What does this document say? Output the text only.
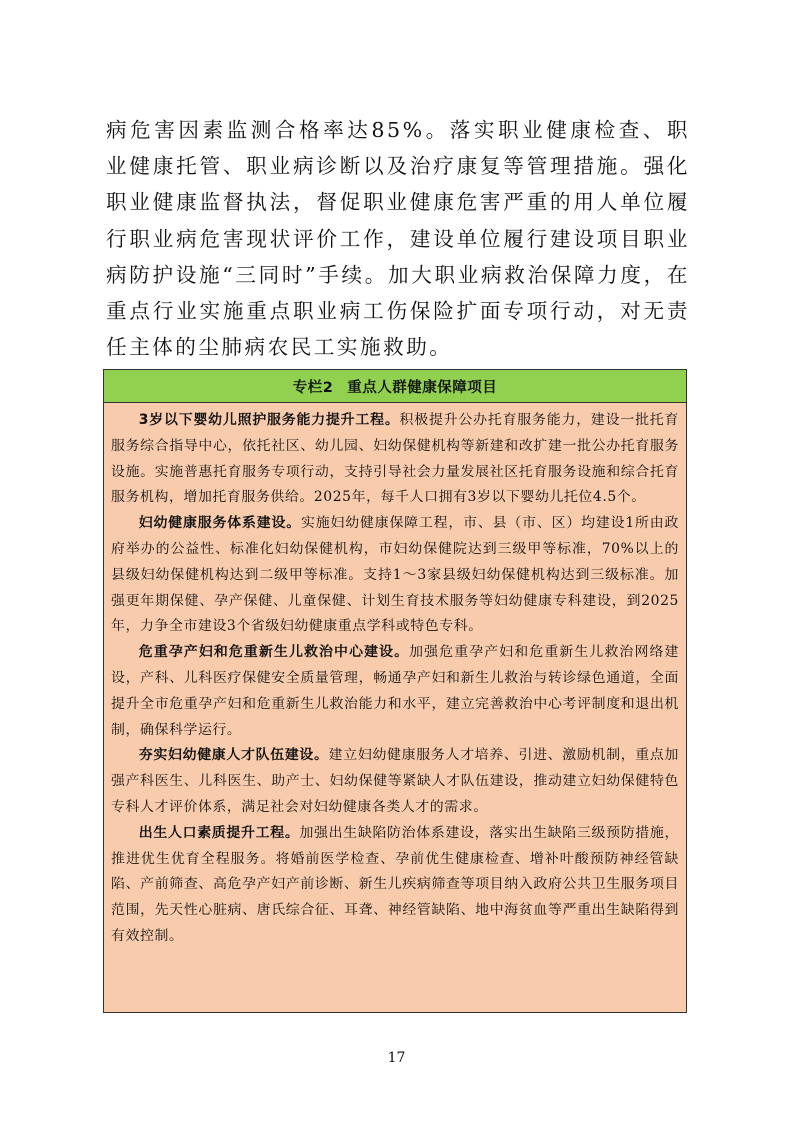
病危害因素监测合格率达85%。落实职业健康检查、职业健康托管、职业病诊断以及治疗康复等管理措施。强化职业健康监督执法，督促职业健康危害严重的用人单位履行职业病危害现状评价工作，建设单位履行建设项目职业病防护设施“三同时”手续。加大职业病救治保障力度，在重点行业实施重点职业病工伤保险扩面专项行动，对无责任主体的尘肺病农民工实施救助。

专栏2 重点人群健康保障项目

3岁以下婴幼儿照护服务能力提升工程。积极提升公办托育服务能力，建设一批托育服务综合指导中心，依托社区、幼儿园、妇幼保健机构等新建和改扩建一批公办托育服务设施。实施普惠托育服务专项行动，支持引导社会力量发展社区托育服务设施和综合托育服务机构，增加托育服务供给。2025年，每千人口拥有3岁以下婴幼儿托位4.5个。

妇幼健康服务体系建设。实施妇幼健康保障工程，市、县（市、区）均建设1所由政府举办的公益性、标准化妇幼保健机构，市妇幼保健院达到三级甲等标准，70%以上的县级妇幼保健机构达到二级甲等标准。支持1～3家县级妇幼保健机构达到三级标准。加强更年期保健、孕产保健、儿童保健、计划生育技术服务等妇幼健康专科建设，到2025年，力争全市建设3个省级妇幼健康重点学科或特色专科。

危重孕产妇和危重新生儿救治中心建设。加强危重孕产妇和危重新生儿救治网络建设，产科、儿科医疗保健安全质量管理，畅通孕产妇和新生儿救治与转诊绿色通道，全面提升全市危重孕产妇和危重新生儿救治能力和水平，建立完善救治中心考评制度和退出机制，确保科学运行。

夯实妇幼健康人才队伍建设。建立妇幼健康服务人才培养、引进、激励机制，重点加强产科医生、儿科医生、助产士、妇幼保健等紧缺人才队伍建设，推动建立妇幼保健特色专科人才评价体系，满足社会对妇幼健康各类人才的需求。

出生人口素质提升工程。加强出生缺陷防治体系建设，落实出生缺陷三级预防措施，推进优生优育全程服务。将婚前医学检查、孕前优生健康检查、增补叶酸预防神经管缺陷、产前筛查、高危孕产妇产前诊断、新生儿疾病筛查等项目纳入政府公共卫生服务项目范围，先天性心脏病、唐氏综合征、耳聋、神经管缺陷、地中海贫血等严重出生缺陷得到有效控制。

17
